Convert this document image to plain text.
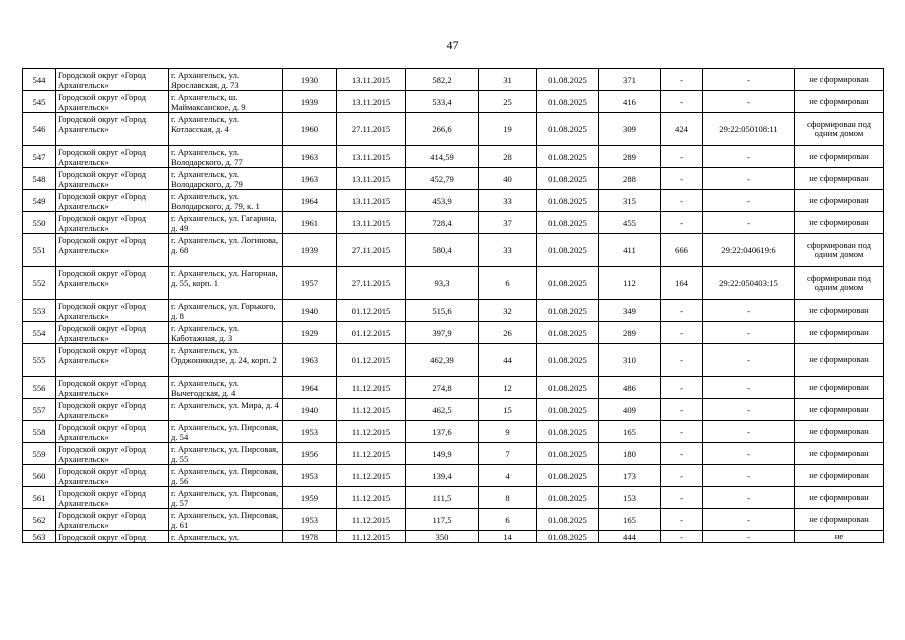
47
544	Городской округ «Город Архангельск»	г. Архангельск, ул. Ярославская, д. 73	1930	13.11.2015	582,2	31	01.08.2025	371	-	-	не сформирован
545	Городской округ «Город Архангельск»	г. Архангельск, ш. Маймаксанское, д. 9	1939	13.11.2015	533,4	25	01.08.2025	416	-	-	не сформирован
546	Городской округ «Город Архангельск»	г. Архангельск, ул. Котласская, д. 4	1960	27.11.2015	266,6	19	01.08.2025	309	424	29:22:050108:11	сформирован под одним домом
547	Городской округ «Город Архангельск»	г. Архангельск, ул. Володарского, д. 77	1963	13.11.2015	414,59	28	01.08.2025	289	-	-	не сформирован
548	Городской округ «Город Архангельск»	г. Архангельск, ул. Володарского, д. 79	1963	13.11.2015	452,79	40	01.08.2025	288	-	-	не сформирован
549	Городской округ «Город Архангельск»	г. Архангельск, ул. Володарского, д. 79, к. 1	1964	13.11.2015	453,9	33	01.08.2025	315	-	-	не сформирован
550	Городской округ «Город Архангельск»	г. Архангельск, ул. Гагарина, д. 49	1961	13.11.2015	728,4	37	01.08.2025	455	-	-	не сформирован
551	Городской округ «Город Архангельск»	г. Архангельск, ул. Логинова, д. 68	1939	27.11.2015	580,4	33	01.08.2025	411	666	29:22:040619:6	сформирован под одним домом
552	Городской округ «Город Архангельск»	г. Архангельск, ул. Нагорная, д. 55, корп. 1	1957	27.11.2015	93,3	6	01.08.2025	112	164	29:22:050403:15	сформирован под одним домом
553	Городской округ «Город Архангельск»	г. Архангельск, ул. Горького, д. 8	1940	01.12.2015	515,6	32	01.08.2025	349	-	-	не сформирован
554	Городской округ «Город Архангельск»	г. Архангельск, ул. Каботажная, д. 3	1929	01.12.2015	397,9	26	01.08.2025	289	-	-	не сформирован
555	Городской округ «Город Архангельск»	г. Архангельск, ул. Орджоникидзе, д. 24, корп. 2	1963	01.12.2015	462,39	44	01.08.2025	310	-	-	не сформирован
556	Городской округ «Город Архангельск»	г. Архангельск, ул. Вычегодская, д. 4	1964	11.12.2015	274,8	12	01.08.2025	486	-	-	не сформирован
557	Городской округ «Город Архангельск»	г. Архангельск, ул. Мира, д. 4	1940	11.12.2015	462,5	15	01.08.2025	409	-	-	не сформирован
558	Городской округ «Город Архангельск»	г. Архангельск, ул. Пирсовая, д. 54	1953	11.12.2015	137,6	9	01.08.2025	165	-	-	не сформирован
559	Городской округ «Город Архангельск»	г. Архангельск, ул. Пирсовая, д. 55	1956	11.12.2015	149,9	7	01.08.2025	180	-	-	не сформирован
560	Городской округ «Город Архангельск»	г. Архангельск, ул. Пирсовая, д. 56	1953	11.12.2015	139,4	4	01.08.2025	173	-	-	не сформирован
561	Городской округ «Город Архангельск»	г. Архангельск, ул. Пирсовая, д. 57	1959	11.12.2015	111,5	8	01.08.2025	153	-	-	не сформирован
562	Городской округ «Город Архангельск»	г. Архангельск, ул. Пирсовая, д. 61	1953	11.12.2015	117,5	6	01.08.2025	165	-	-	не сформирован
563	Городской округ «Город	г. Архангельск, ул.	1978	11.12.2015	350	14	01.08.2025	444	-	-	не
